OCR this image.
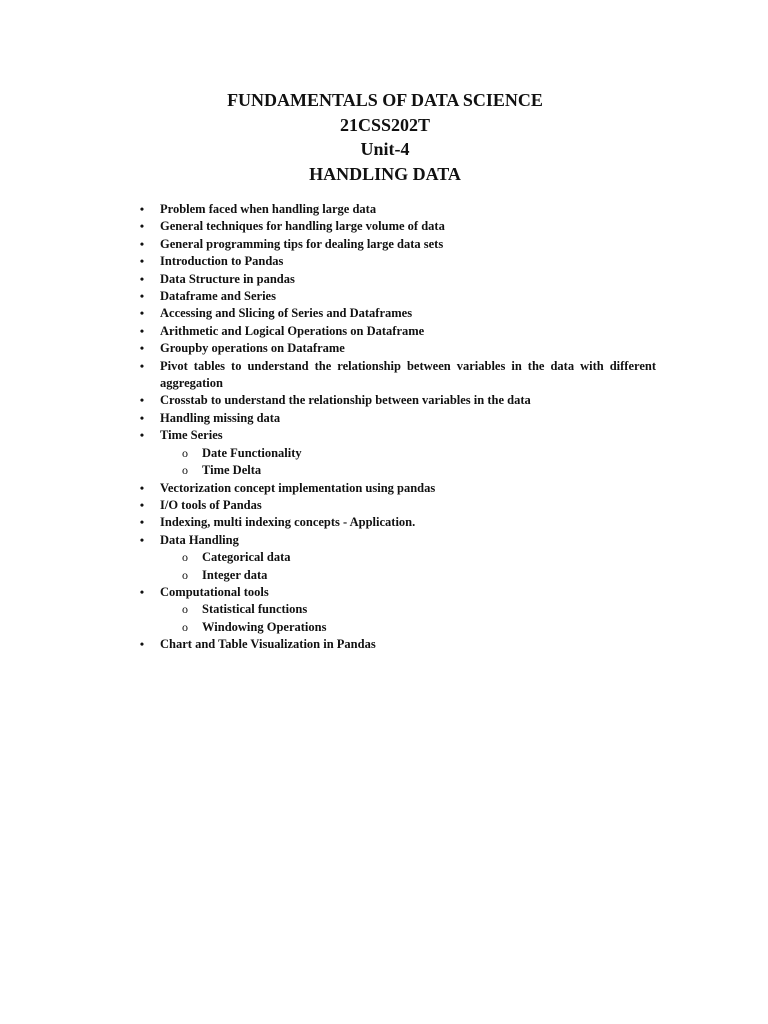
FUNDAMENTALS OF DATA SCIENCE
21CSS202T
Unit-4
HANDLING DATA
• Problem faced when handling large data
• General techniques for handling large volume of data
• General programming tips for dealing large data sets
• Introduction to Pandas
• Data Structure in pandas
• Dataframe and Series
• Accessing and Slicing of Series and Dataframes
• Arithmetic and Logical Operations on Dataframe
• Groupby operations on Dataframe
• Pivot tables to understand the relationship between variables in the data with different aggregation
• Crosstab to understand the relationship between variables in the data
• Handling missing data
• Time Series
o Date Functionality
o Time Delta
• Vectorization concept implementation using pandas
• I/O tools of Pandas
• Indexing, multi indexing concepts - Application.
• Data Handling
o Categorical data
o Integer data
• Computational tools
o Statistical functions
o Windowing Operations
• Chart and Table Visualization in Pandas
